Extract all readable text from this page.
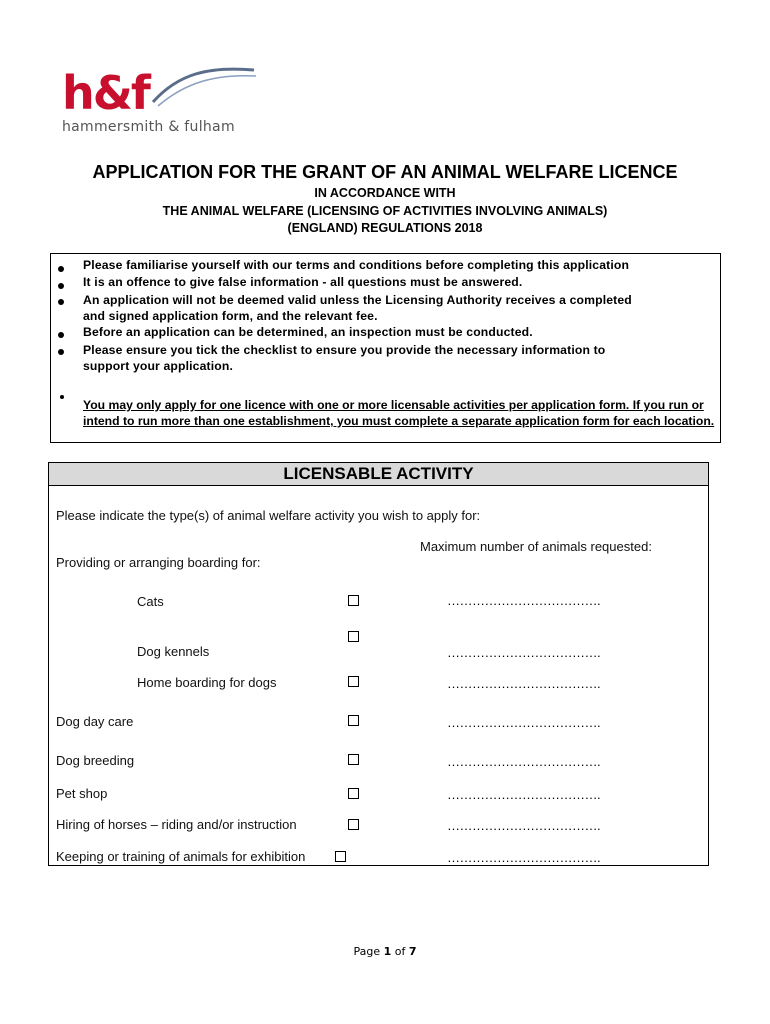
h&f
hammersmith & fulham
APPLICATION FOR THE GRANT OF AN ANIMAL WELFARE LICENCE
IN ACCORDANCE WITH
THE ANIMAL WELFARE (LICENSING OF ACTIVITIES INVOLVING ANIMALS)
(ENGLAND) REGULATIONS 2018
Please familiarise yourself with our terms and conditions before completing this application
It is an offence to give false information - all questions must be answered.
An application will not be deemed valid unless the Licensing Authority receives a completed
and signed application form, and the relevant fee.
Before an application can be determined, an inspection must be conducted.
Please ensure you tick the checklist to ensure you provide the necessary information to
support your application.
You may only apply for one licence with one or more licensable activities per application form. If you run or intend to run more than one establishment, you must complete a separate application form for each location.
LICENSABLE ACTIVITY
Please indicate the type(s) of animal welfare activity you wish to apply for:
Maximum number of animals requested:
Providing or arranging boarding for:
Cats	……………………………….
Dog kennels	……………………………….
Home boarding for dogs	……………………………….
Dog day care	……………………………….
Dog breeding	……………………………….
Pet shop	……………………………….
Hiring of horses – riding and/or instruction	……………………………….
Keeping or training of animals for exhibition	……………………………….
Page 1 of 7
